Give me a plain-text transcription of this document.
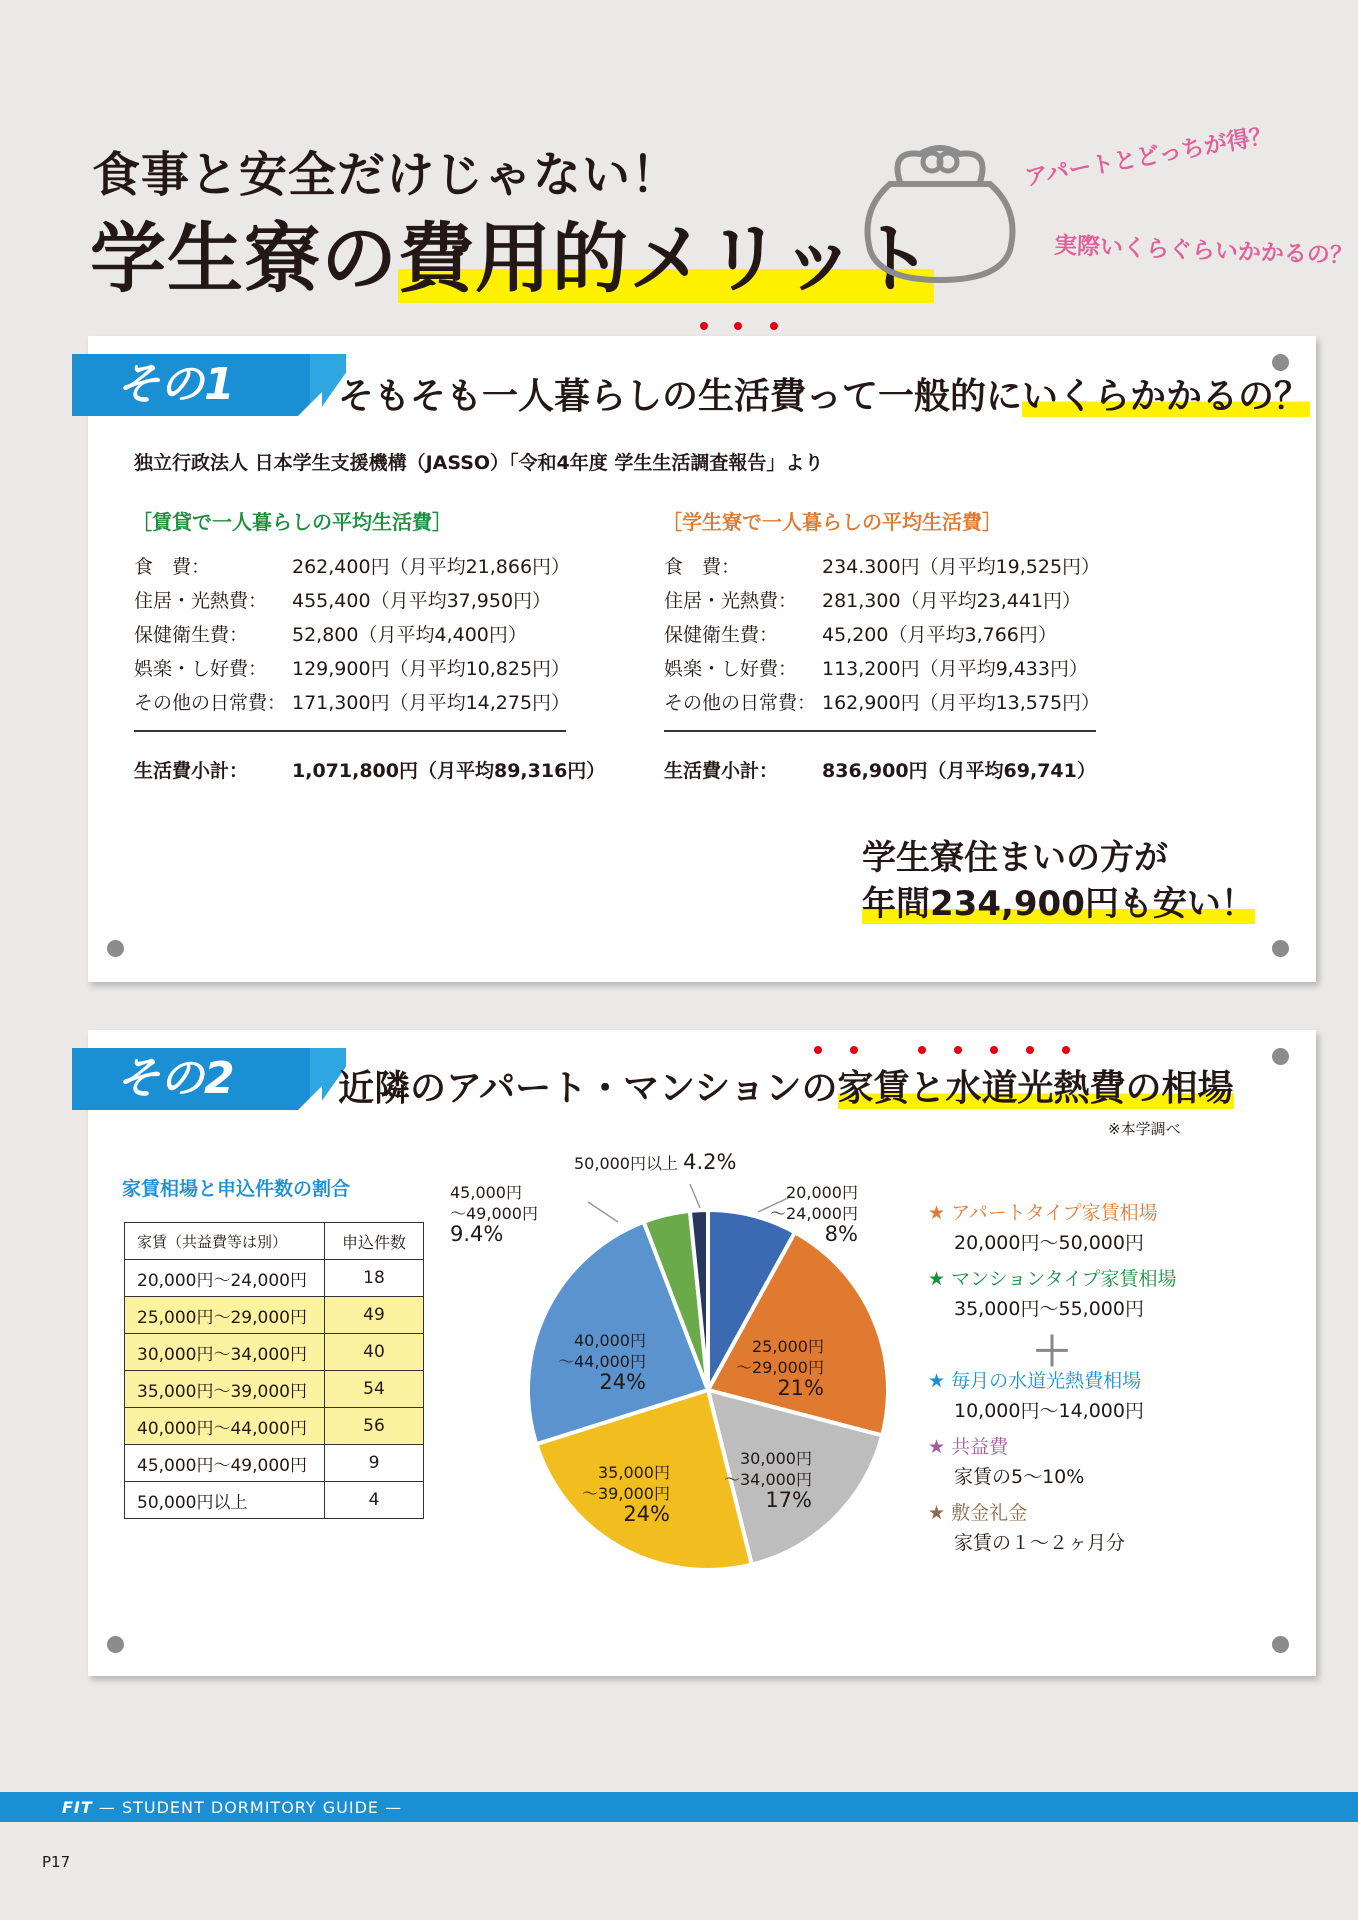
食事と安全だけじゃない！
学生寮の費用的メリット
アパートとどっちが得？
実際いくらぐらいかかるの？
その1	そもそも一人暮らしの生活費って一般的にいくらかかるの？
独立行政法人 日本学生支援機構（JASSO）「令和4年度 学生生活調査報告」より
［賃貸で一人暮らしの平均生活費］
食　費：	262,400円（月平均21,866円）
住居・光熱費： 455,400（月平均37,950円）
保健衛生費： 52,800（月平均4,400円）
娯楽・し好費： 129,900円（月平均10,825円）
その他の日常費： 171,300円（月平均14,275円）
生活費小計： 1,071,800円（月平均89,316円）
［学生寮で一人暮らしの平均生活費］
食　費：	234.300円（月平均19,525円）
住居・光熱費： 281,300（月平均23,441円）
保健衛生費： 45,200（月平均3,766円）
娯楽・し好費： 113,200円（月平均9,433円）
その他の日常費： 162,900円（月平均13,575円）
生活費小計： 836,900円（月平均69,741）
学生寮住まいの方が
年間234,900円も安い！
その2	近隣のアパート・マンションの家賃と水道光熱費の相場
※本学調べ
家賃相場と申込件数の割合
家賃（共益費等は別）	申込件数
20,000円〜24,000円	18
25,000円〜29,000円	49
30,000円〜34,000円	40
35,000円〜39,000円	54
40,000円〜44,000円	56
45,000円〜49,000円	9
50,000円以上	4
20,000円
〜24,000円
8%
45,000円
〜49,000円
9.4%
50,000円以上 4.2%
25,000円
〜29,000円
21%
30,000円
〜34,000円
17%
35,000円
〜39,000円
24%
40,000円
〜44,000円
24%
★ アパートタイプ家賃相場
20,000円〜50,000円
★ マンションタイプ家賃相場
35,000円〜55,000円
＋
★ 毎月の水道光熱費相場
10,000円〜14,000円
★ 共益費
家賃の5〜10%
★ 敷金礼金
家賃の１〜２ヶ月分
FIT — STUDENT DORMITORY GUIDE —
P17
